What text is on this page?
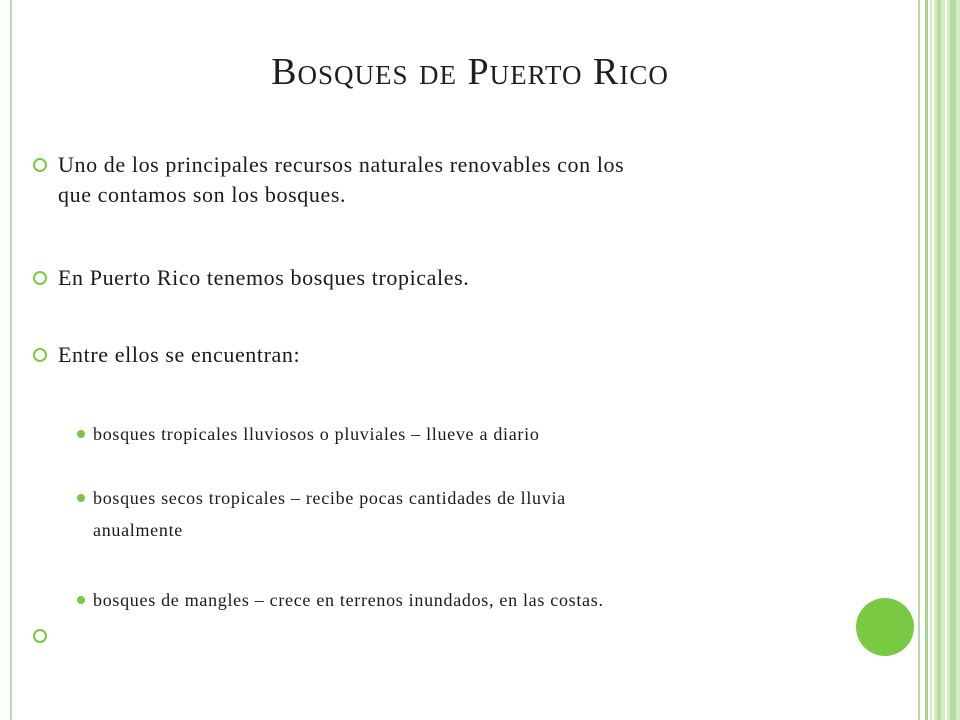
Bosques de Puerto Rico
Uno de los principales recursos naturales renovables con los
que contamos son los bosques.
En Puerto Rico tenemos bosques tropicales.
Entre ellos se encuentran:
bosques tropicales lluviosos o pluviales – llueve a diario
bosques secos tropicales – recibe pocas cantidades de lluvia
anualmente
bosques de mangles – crece en terrenos inundados, en las costas.
